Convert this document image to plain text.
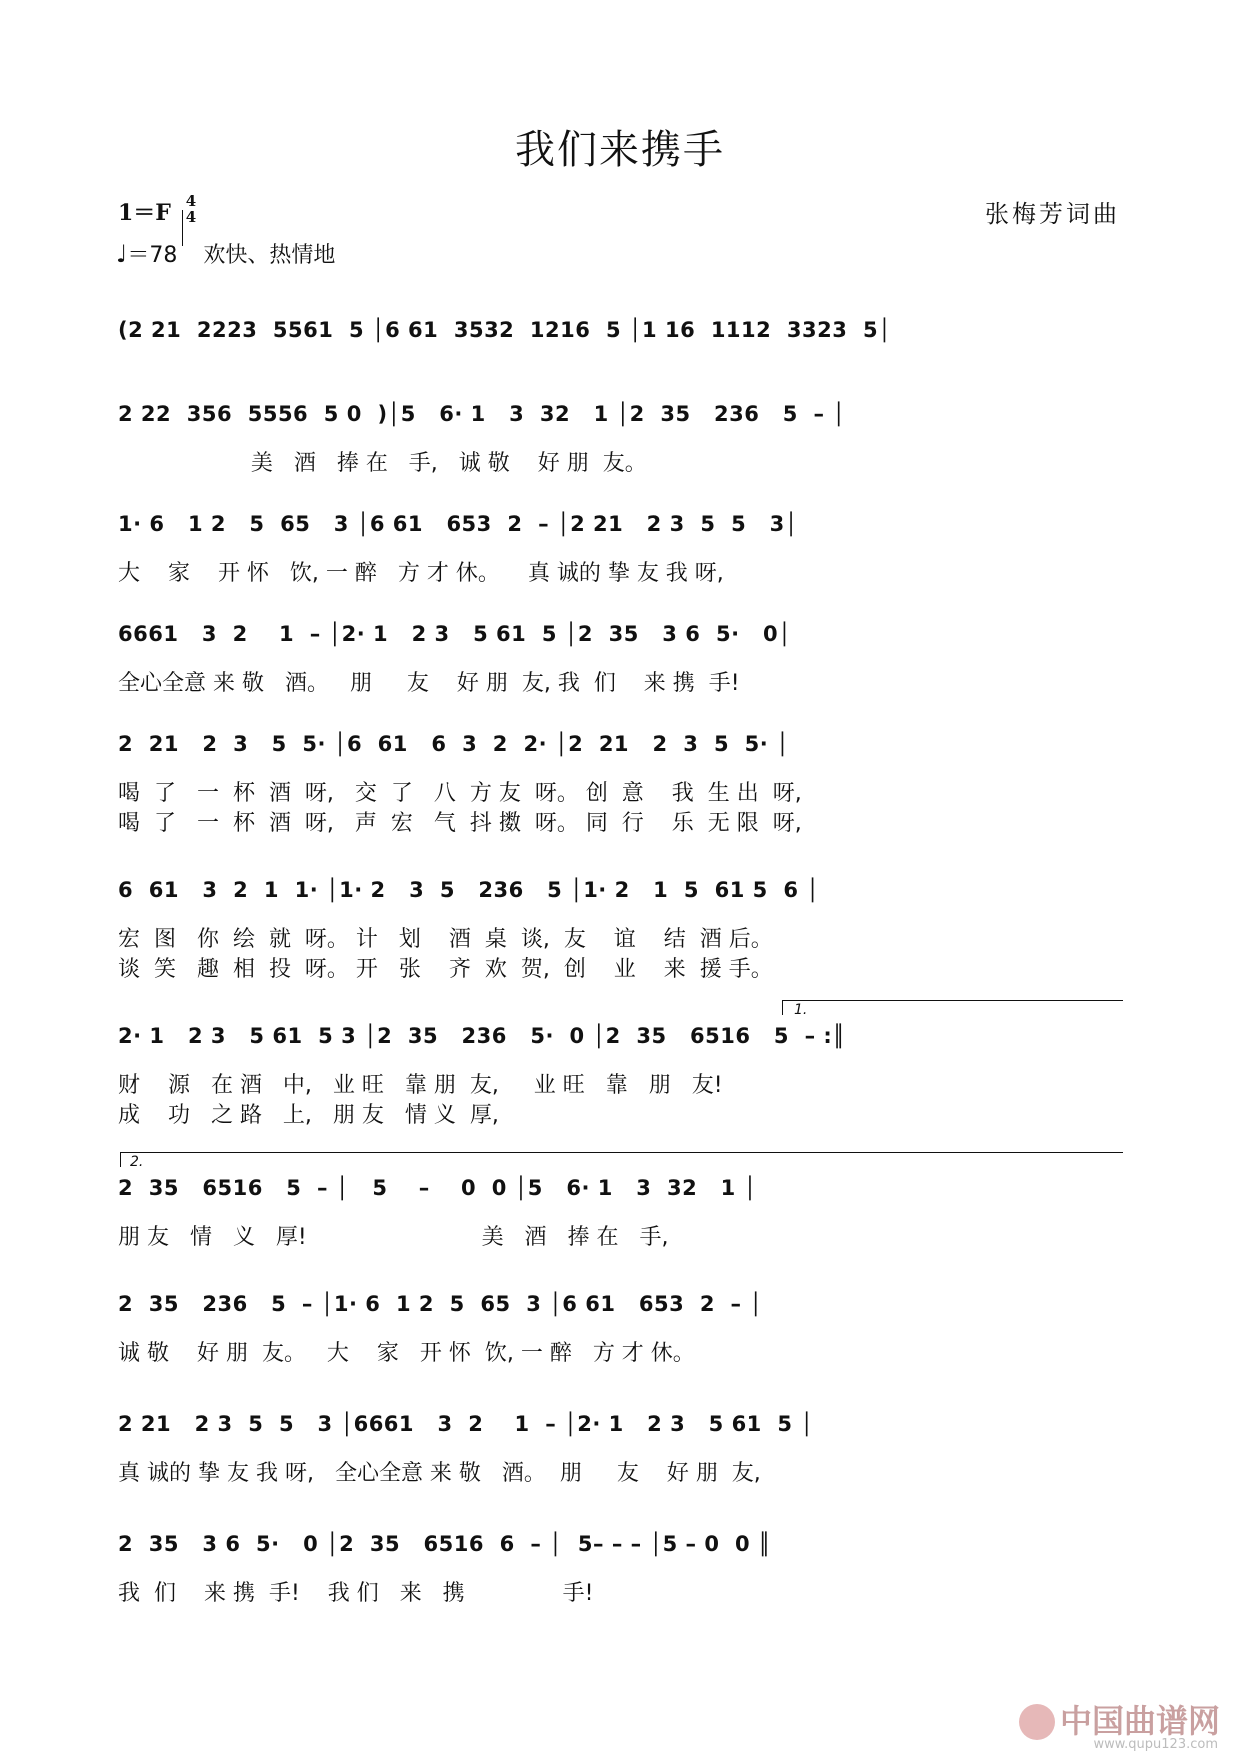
我们来携手
1＝F 4
4	张梅芳词曲
♩＝78 欢快、热情地
(2 21  2223  5561  5 │6 61  3532  1216  5 │1 16  1112  3323  5│
2 22  356  5556  5 0  )│5   6· 1   3  32   1 │2  35   236   5  – │
美   酒   捧 在   手,   诚 敬    好 朋  友。
1· 6   1 2   5  65   3 │6 61   653  2  – │2 21   2 3  5  5   3│
大    家    开 怀   饮, 一 醉   方 才 休。    真 诚的 挚 友 我 呀,
6661   3  2    1  – │2· 1   2 3   5 61  5 │2  35   3 6  5·   0│
全心全意 来 敬   酒。   朋     友    好 朋  友, 我  们    来 携  手!
2  21   2  3   5  5· │6  61   6  3  2  2· │2  21   2  3  5  5· │
喝  了   一  杯  酒  呀,   交  了   八  方 友  呀。 创  意    我  生 出  呀,
喝  了   一  杯  酒  呀,   声  宏   气  抖 擞  呀。 同  行    乐  无 限  呀,
6  61   3  2  1  1· │1· 2   3  5   236   5 │1· 2   1  5  61 5  6 │
宏  图   你  绘  就  呀。 计   划    酒  桌  谈,  友    谊    结  酒 后。
谈  笑   趣  相  投  呀。 开   张    齐  欢  贺,  创    业    来  援 手。
1.
2· 1   2 3   5 61  5 3 │2  35   236   5·  0 │2  35   6516   5  – :║
财    源   在 酒   中,   业 旺   靠 朋  友,     业 旺   靠   朋   友!
成    功   之 路   上,   朋 友   情 义  厚,
2.
2  35   6516   5  – │   5    –    0  0 │5   6· 1   3  32   1 │
朋 友   情   义   厚!                         美   酒   捧 在   手,
2  35   236   5  – │1· 6  1 2  5  65  3 │6 61   653  2  – │
诚 敬    好 朋  友。   大    家   开 怀  饮, 一 醉   方 才 休。
2 21   2 3  5  5   3 │6661   3  2    1  – │2· 1   2 3   5 61  5 │
真 诚的 挚 友 我 呀,   全心全意 来 敬   酒。  朋     友    好 朋  友,
2  35   3 6  5·   0 │2  35   6516  6  – │  5– – – │5 – 0  0 ║
我  们    来 携  手!    我 们   来   携              手!
中国曲谱网
www.qupu123.com
